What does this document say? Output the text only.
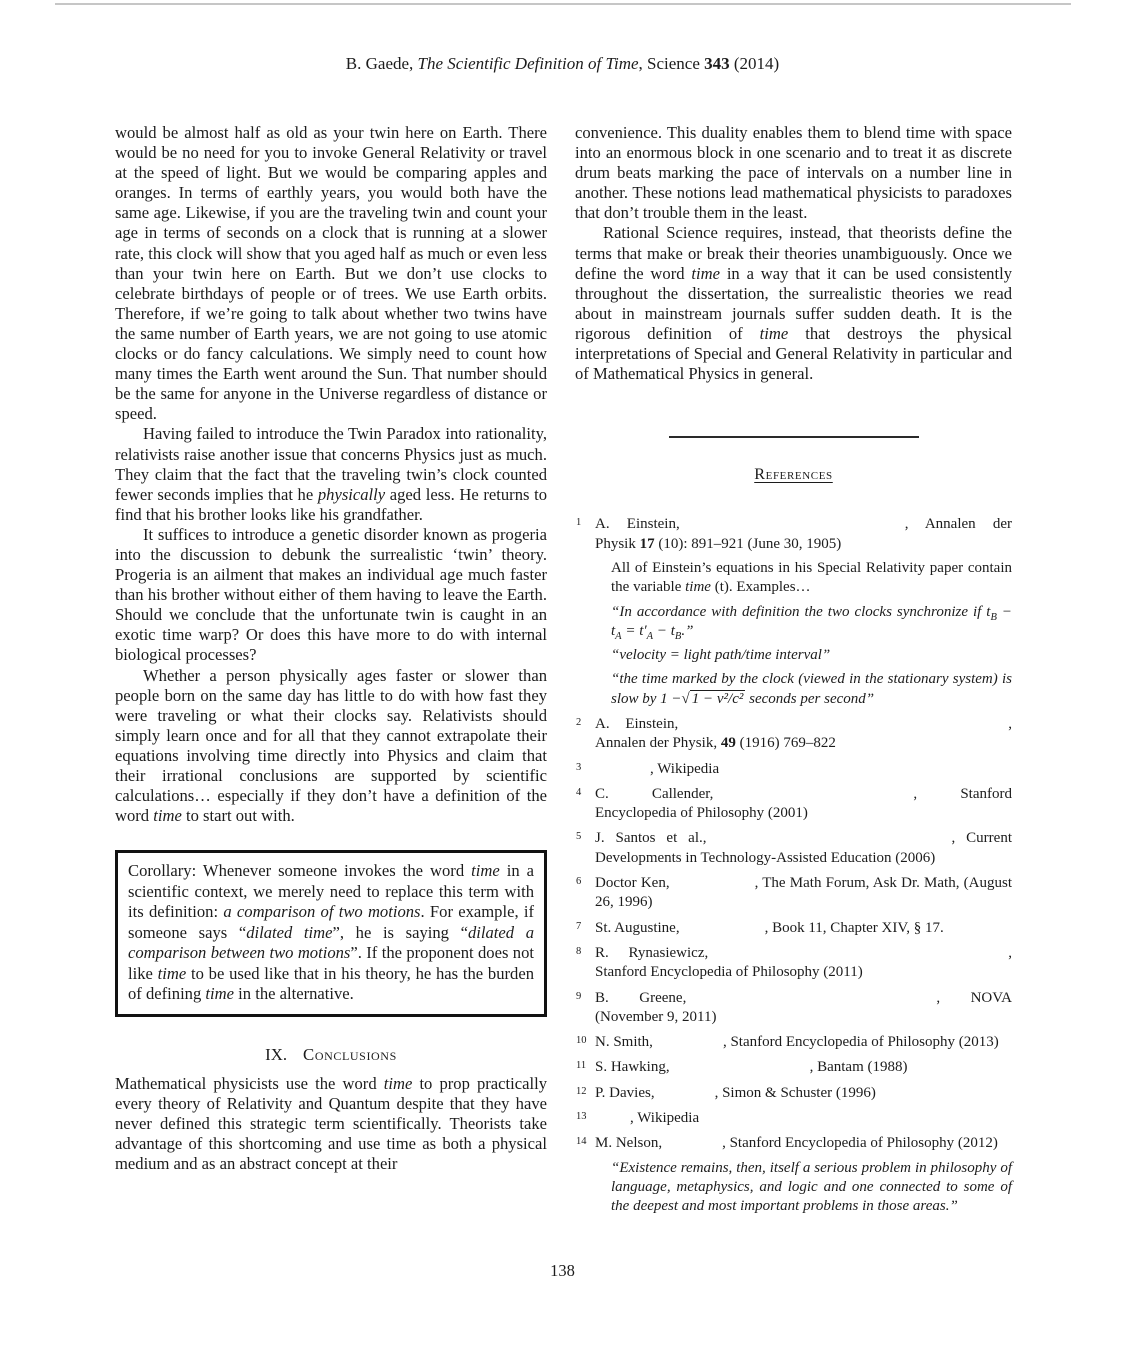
B. Gaede, The Scientific Definition of Time, Science 343 (2014)

would be almost half as old as your twin here on Earth. There would be no need for you to invoke General Relativity or travel at the speed of light. But we would be comparing apples and oranges. In terms of earthly years, you would both have the same age. Likewise, if you are the traveling twin and count your age in terms of seconds on a clock that is running at a slower rate, this clock will show that you aged half as much or even less than your twin here on Earth. But we don’t use clocks to celebrate birthdays of people or of trees. We use Earth orbits. Therefore, if we’re going to talk about whether two twins have the same number of Earth years, we are not going to use atomic clocks or do fancy calculations. We simply need to count how many times the Earth went around the Sun. That number should be the same for anyone in the Universe regardless of distance or speed.

Having failed to introduce the Twin Paradox into rationality, relativists raise another issue that concerns Physics just as much. They claim that the fact that the traveling twin’s clock counted fewer seconds implies that he physically aged less. He returns to find that his brother looks like his grandfather.

It suffices to introduce a genetic disorder known as progeria into the discussion to debunk the surrealistic ‘twin’ theory. Progeria is an ailment that makes an individual age much faster than his brother without either of them having to leave the Earth. Should we conclude that the unfortunate twin is caught in an exotic time warp? Or does this have more to do with internal biological processes?

Whether a person physically ages faster or slower than people born on the same day has little to do with how fast they were traveling or what their clocks say. Relativists should simply learn once and for all that they cannot extrapolate their equations involving time directly into Physics and claim that their irrational conclusions are supported by scientific calculations… especially if they don’t have a definition of the word time to start out with.

Corollary: Whenever someone invokes the word time in a scientific context, we merely need to replace this term with its definition: a comparison of two motions. For example, if someone says “dilated time”, he is saying “dilated a comparison between two motions”. If the proponent does not like time to be used like that in his theory, he has the burden of defining time in the alternative.

IX. Conclusions

Mathematical physicists use the word time to prop practically every theory of Relativity and Quantum despite that they have never defined this strategic term scientifically. Theorists take advantage of this shortcoming and use time as both a physical medium and as an abstract concept at their

convenience. This duality enables them to blend time with space into an enormous block in one scenario and to treat it as discrete drum beats marking the pace of intervals on a number line in another. These notions lead mathematical physicists to paradoxes that don’t trouble them in the least.

Rational Science requires, instead, that theorists define the terms that make or break their theories unambiguously. Once we define the word time in a way that it can be used consistently throughout the dissertation, the surrealistic theories we read about in mainstream journals suffer sudden death. It is the rigorous definition of time that destroys the physical interpretations of Special and General Relativity in particular and of Mathematical Physics in general.

References

1 A. Einstein,	, Annalen der Physik 17 (10): 891–921 (June 30, 1905)

All of Einstein’s equations in his Special Relativity paper contain the variable time (t). Examples…

“In accordance with definition the two clocks synchronize if $t_B - t_A = t'_A - t_B$.”

“velocity = light path/time interval”

“the time marked by the clock (viewed in the stationary system) is slow by 1 −√ 1 − v²/c² seconds per second”

2 A. Einstein,	, Annalen der Physik, 49 (1916) 769–822

3	, Wikipedia

4 C. Callender,	, Stanford Encyclopedia of Philosophy (2001)

5 J. Santos et al.,	, Current Developments in Technology-Assisted Education (2006)

6 Doctor Ken,	, The Math Forum, Ask Dr. Math, (August 26, 1996)

7 St. Augustine,	, Book 11, Chapter XIV, § 17.

8 R. Rynasiewicz,	, Stanford Encyclopedia of Philosophy (2011)

9 B. Greene,	, NOVA (November 9, 2011)

10 N. Smith,	, Stanford Encyclopedia of Philosophy (2013)

11 S. Hawking,	, Bantam (1988)

12 P. Davies,	, Simon & Schuster (1996)

13	, Wikipedia

14 M. Nelson,	, Stanford Encyclopedia of Philosophy (2012)

“Existence remains, then, itself a serious problem in philosophy of language, metaphysics, and logic and one connected to some of the deepest and most important problems in those areas.”

138
